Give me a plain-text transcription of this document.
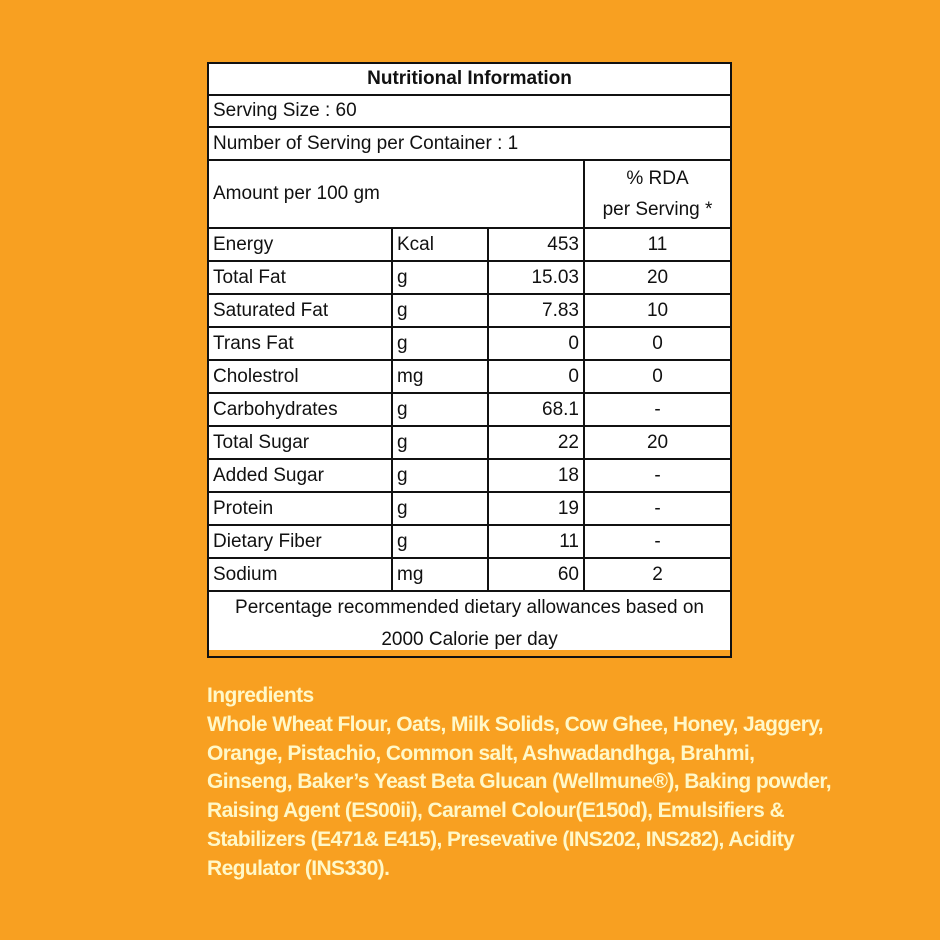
Nutritional Information			
Serving Size : 60			
Number of Serving per Container : 1			
Amount per 100 gm			% RDA
per Serving *
Energy	Kcal	453	11
Total Fat	g	15.03	20
Saturated Fat	g	7.83	10
Trans Fat	g	0	0
Cholestrol	mg	0	0
Carbohydrates	g	68.1	-
Total Sugar	g	22	20
Added Sugar	g	18	-
Protein	g	19	-
Dietary Fiber	g	11	-
Sodium	mg	60	2
Percentage recommended dietary allowances based on
2000 Calorie per day			
Ingredients
Whole Wheat Flour, Oats, Milk Solids, Cow Ghee, Honey, Jaggery,
Orange, Pistachio, Common salt, Ashwadandhga, Brahmi,
Ginseng, Baker’s Yeast Beta Glucan (Wellmune®), Baking powder,
Raising Agent (ES00ii), Caramel Colour(E150d), Emulsifiers &
Stabilizers (E471& E415), Presevative (INS202, INS282), Acidity
Regulator (INS330).
